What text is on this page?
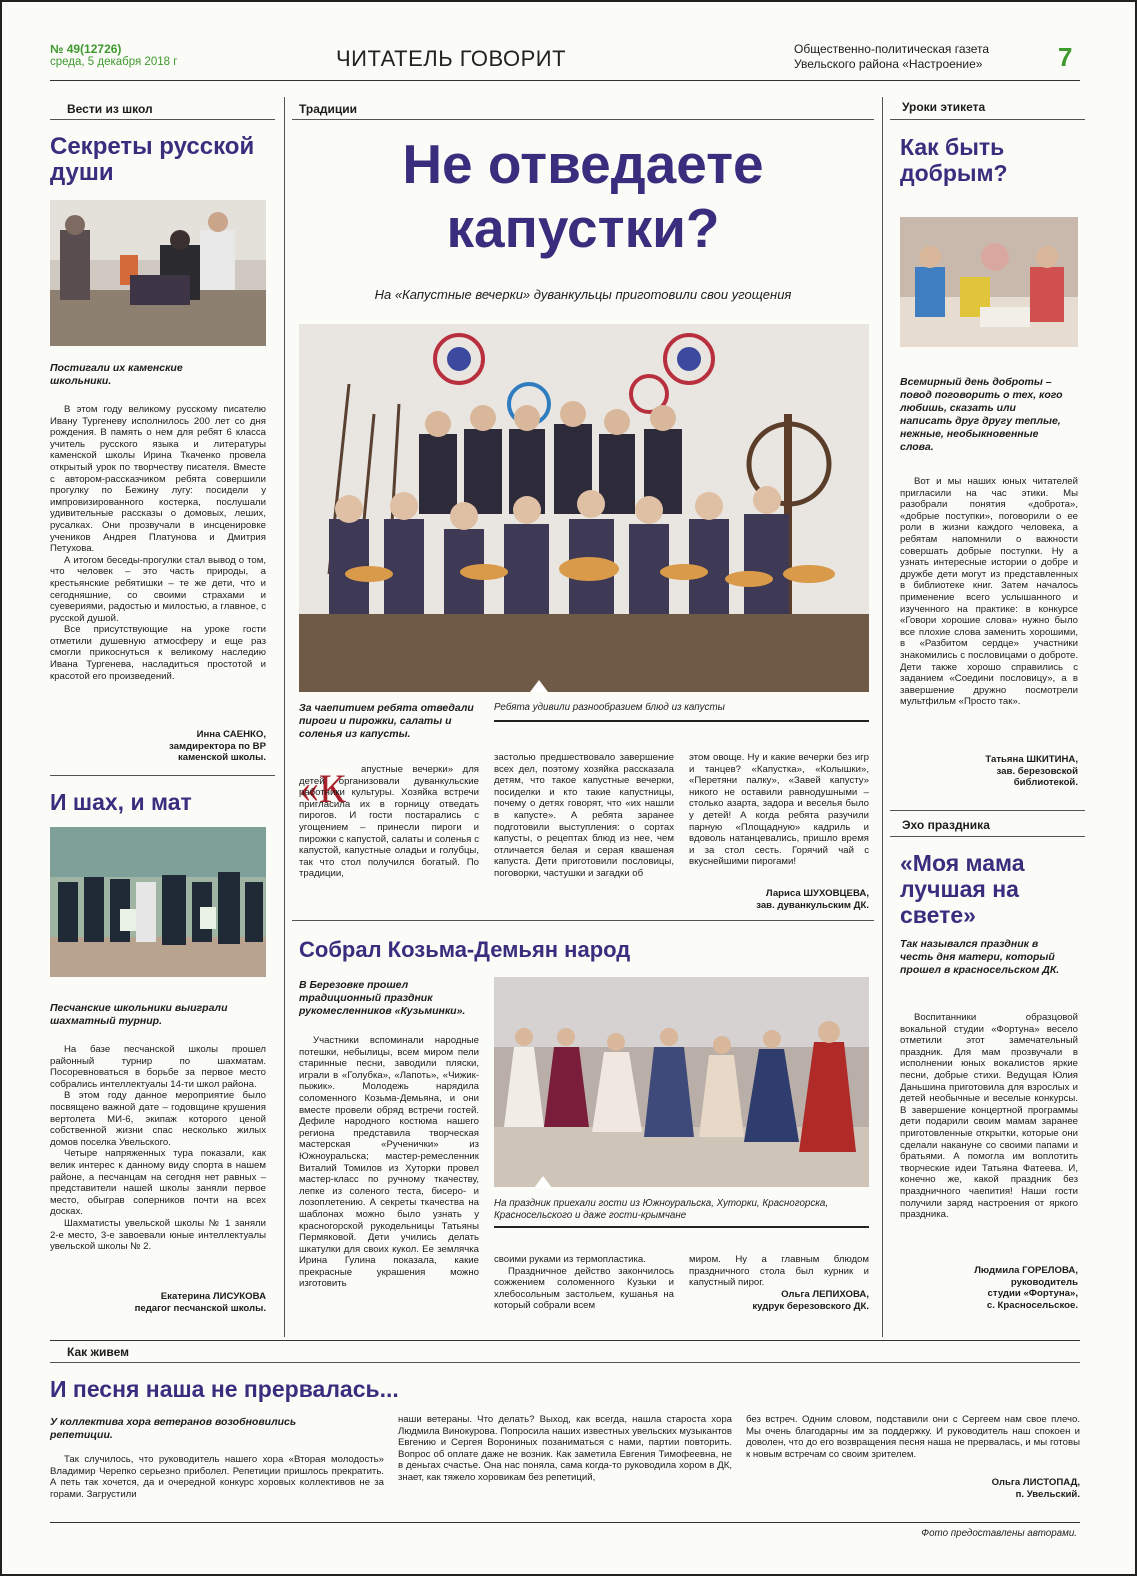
№ 49(12726)
среда, 5 декабря 2018 г	ЧИТАТЕЛЬ ГОВОРИТ	Общественно-политическая газета
Увельского района «Настроение»	7
Вести из школ
Секреты русской души
Постигали их каменские школьники.

В этом году великому русскому писателю Ивану Тургеневу исполнилось 200 лет со дня рождения. В память о нем для ребят 6 класса учитель русского языка и литературы каменской школы Ирина Ткаченко провела открытый урок по творчеству писателя. Вместе с автором-рассказчиком ребята совершили прогулку по Бежину лугу: посидели у импровизированного костерка, послушали удивительные рассказы о домовых, леших, русалках. Они прозвучали в инсценировке учеников Андрея Платунова и Дмитрия Петухова.

А итогом беседы-прогулки стал вывод о том, что человек – это часть природы, а крестьянские ребятишки – те же дети, что и сегодняшние, со своими страхами и суевериями, радостью и милостью, а главное, с русской душой.

Все присутствующие на уроке гости отметили душевную атмосферу и еще раз смогли прикоснуться к великому наследию Ивана Тургенева, насладиться простотой и красотой его произведений.

Инна САЕНКО,
замдиректора по ВР
каменской школы.
И шах, и мат
Песчанские школьники выиграли шахматный турнир.

На базе песчанской школы прошел районный турнир по шахматам. Посоревноваться в борьбе за первое место собрались интеллектуалы 14-ти школ района.

В этом году данное мероприятие было посвящено важной дате – годовщине крушения вертолета МИ-6, экипаж которого ценой собственной жизни спас несколько жилых домов поселка Увельского.

Четыре напряженных тура показали, как велик интерес к данному виду спорта в нашем районе, а песчанцам на сегодня нет равных – представители нашей школы заняли первое место, обыграв соперников почти на всех досках.

Шахматисты увельской школы № 1 заняли 2-е место, 3-е завоевали юные интеллектуалы увельской школы № 2.

Екатерина ЛИСУКОВА
педагог песчанской школы.
Традиции
Не отведаете
капустки?
На «Капустные вечерки» дуванкульцы приготовили свои угощения
За чаепитием ребята отведали пироги и пирожки, салаты и соленья из капусты.
Ребята удивили разнообразием блюд из капусты
«К	апустные вечерки» для детей организовали дуванкульские работники культуры. Хозяйка встречи пригласила их в горницу отведать пирогов. И гости постарались с угощением – принесли пироги и пирожки с капустой, салаты и соленья с капустой, капустные оладьи и голубцы, так что стол получился богатый. По традиции,
застолью предшествовало завершение всех дел, поэтому хозяйка рассказала детям, что такое капустные вечерки, посиделки и кто такие капустницы, почему о детях говорят, что «их нашли в капусте». А ребята заранее подготовили выступления: о сортах капусты, о рецептах блюд из нее, чем отличается белая и серая квашеная капуста. Дети приготовили пословицы, поговорки, частушки и загадки об
этом овоще. Ну и какие вечерки без игр и танцев? «Капустка», «Колышки», «Перетяни палку», «Завей капусту» никого не оставили равнодушными – столько азарта, задора и веселья было у детей! А когда ребята разучили парную «Площадную» кадриль и вдоволь натанцевались, пришло время и за стол сесть. Горячий чай с вкуснейшими пирогами!
Лариса ШУХОВЦЕВА,
зав. дуванкульским ДК.
Собрал Козьма-Демьян народ
В Березовке прошел традиционный праздник рукомесленников «Кузьминки».

Участники вспоминали народные потешки, небылицы, всем миром пели старинные песни, заводили пляски, играли в «Голубка», «Лапоть», «Чижик-пыжик». Молодежь нарядила соломенного Козьма-Демьяна, и они вместе провели обряд встречи гостей. Дефиле народного костюма нашего региона представила творческая мастерская «Рученички» из Южноуральска; мастер-ремесленник Виталий Томилов из Хуторки провел мастер-класс по ручному ткачеству, лепке из соленого теста, бисеро- и лозоплетению. А секреты ткачества на шаблонах можно было узнать у красногорской рукодельницы Татьяны Пермяковой. Дети учились делать шкатулки для своих кукол. Ее землячка Ирина Гулина показала, какие прекрасные украшения можно изготовить

На праздник приехали гости из Южноуральска, Хуторки, Красногорска, Красносельского и даже гости-крымчане

своими руками из термопластика.

Праздничное действо закончилось сожжением соломенного Кузьки и хлебосольным застольем, кушанья на который собрали всем

миром. Ну а главным блюдом праздничного стола был курник и капустный пирог.
Ольга ЛЕПИХОВА,
кудрук березовского ДК.
Уроки этикета
Как быть добрым?
Всемирный день доброты – повод поговорить о тех, кого любишь, сказать или написать друг другу теплые, нежные, необыкновенные слова.

Вот и мы наших юных читателей пригласили на час этики. Мы разобрали понятия «доброта», «добрые поступки», поговорили о ее роли в жизни каждого человека, а ребятам напомнили о важности совершать добрые поступки. Ну а узнать интересные истории о добре и дружбе дети могут из представленных в библиотеке книг. Затем началось применение всего услышанного и изученного на практике: в конкурсе «Говори хорошие слова» нужно было все плохие слова заменить хорошими, в «Разбитом сердце» участники знакомились с пословицами о доброте. Дети также хорошо справились с заданием «Соедини пословицу», а в завершение дружно посмотрели мультфильм «Просто так».

Татьяна ШКИТИНА,
зав. березовской
библиотекой.
Эхо праздника
«Моя мама лучшая на свете»
Так назывался праздник в честь дня матери, который прошел в красносельском ДК.

Воспитанники образцовой вокальной студии «Фортуна» весело отметили этот замечательный праздник. Для мам прозвучали в исполнении юных вокалистов яркие песни, добрые стихи. Ведущая Юлия Даньшина приготовила для взрослых и детей необычные и веселые конкурсы. В завершение концертной программы дети подарили своим мамам заранее приготовленные открытки, которые они сделали накануне со своими папами и братьями. А помогла им воплотить творческие идеи Татьяна Фатеева. И, конечно же, какой праздник без праздничного чаепития! Наши гости получили заряд настроения от яркого праздника.

Людмила ГОРЕЛОВА,
руководитель
студии «Фортуна»,
с. Красносельское.
Как живем
И песня наша не прервалась...
У коллектива хора ветеранов возобновились репетиции.
Так случилось, что руководитель нашего хора «Вторая молодость» Владимир Черепко серьезно приболел. Репетиции пришлось прекратить. А петь так хочется, да и очередной конкурс хоровых коллективов не за горами. Загрустили
наши ветераны. Что делать? Выход, как всегда, нашла староста хора Людмила Винокурова. Попросила наших известных увельских музыкантов Евгению и Сергея Ворониных позаниматься с нами, партии повторить. Вопрос об оплате даже не возник. Как заметила Евгения Тимофеевна, не в деньгах счастье. Она нас поняла, сама когда-то руководила хором в ДК, знает, как тяжело хоровикам без репетиций,
без встреч. Одним словом, подставили они с Сергеем нам свое плечо. Мы очень благодарны им за поддержку. И руководитель наш спокоен и доволен, что до его возвращения песня наша не прервалась, и мы готовы к новым встречам со своим зрителем.
Ольга ЛИСТОПАД,
п. Увельский.
Фото предоставлены авторами.
